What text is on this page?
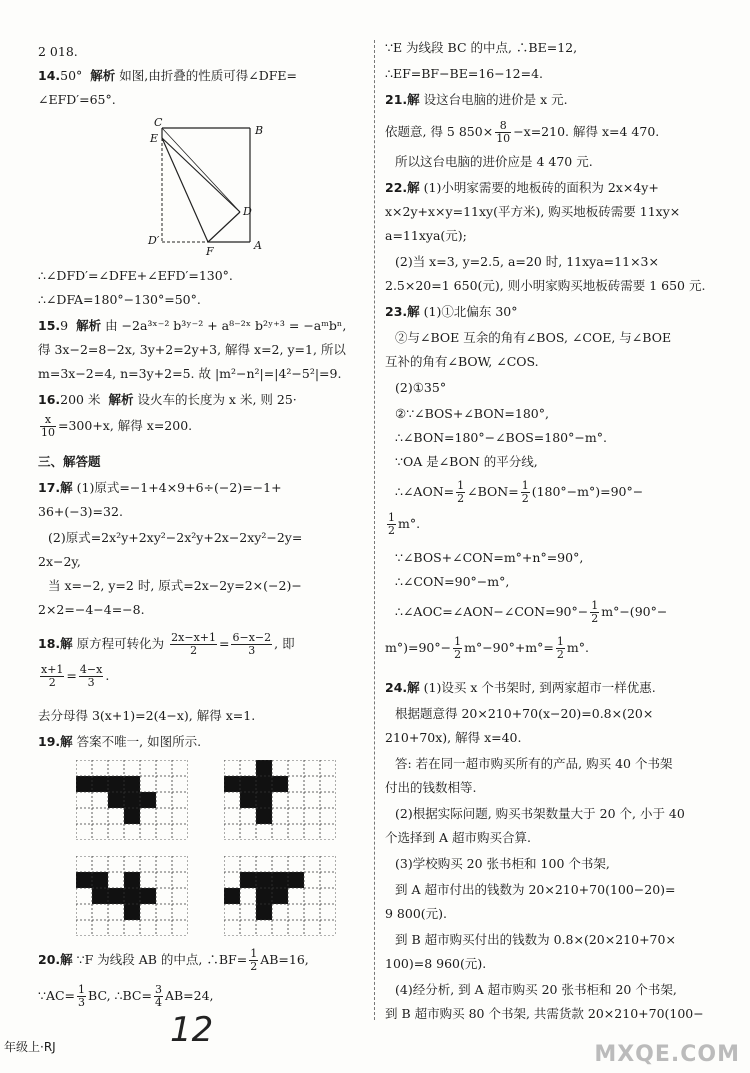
2 018.
14.50° 解析 如图,由折叠的性质可得∠DFE=
∠EFD′=65°.
C
B
E
D
D′
F	A
∴∠DFD′=∠DFE+∠EFD′=130°.
∴∠DFA=180°−130°=50°.
15.9 解析 由 −2a³ˣ⁻² b³ʸ⁻² + a⁸⁻²ˣ b²ʸ⁺³ = −aᵐbⁿ,
得 3x−2=8−2x, 3y+2=2y+3, 解得 x=2, y=1, 所以
m=3x−2=4, n=3y+2=5. 故 |m²−n²|=|4²−5²|=9.
16.200 米 解析 设火车的长度为 x 米, 则 25·
$\frac{x}{10} =300+x$, 解得 x=200.
三、解答题
17.解 (1)原式=−1+4×9+6÷(−2)=−1+
36+(−3)=32.
(2)原式=2x²y+2xy²−2x²y+2x−2xy²−2y=
2x−2y,
当 x=−2, y=2 时, 原式=2x−2y=2×(−2)−
2×2=−4−4=−8.
18.解 原方程可转化为 $\frac{2x-x+1}{2} = \frac{6-x-2}{3}$ , 即
$\frac{x+1}{2} = \frac{4-x}{3}$ .
去分母得 3(x+1)=2(4−x), 解得 x=1.
19.解 答案不唯一, 如图所示.
20.解 ∵F 为线段 AB 的中点, ∴BF= $\frac{1}{2} AB=16$,
∵AC= $\frac{1}{3}$ BC, ∴BC= $\frac{3}{4} AB=24$,
∵E 为线段 BC 的中点, ∴BE=12,
∴EF=BF−BE=16−12=4.
21.解 设这台电脑的进价是 x 元.
依题意, 得 5 $850\times \frac{8}{10} -x=210$. 解得 x=4 470.
所以这台电脑的进价应是 4 470 元.
22.解 (1)小明家需要的地板砖的面积为 2x×4y+
x×2y+x×y=11xy(平方米), 购买地板砖需要 11xy×
a=11xya(元);
(2)当 x=3, y=2.5, a=20 时, 11xya=11×3×
2.5×20=1 650(元), 则小明家购买地板砖需要 1 650 元.
23.解 (1)①北偏东 30°
②与∠BOE 互余的角有∠BOS, ∠COE, 与∠BOE
互补的角有∠BOW, ∠COS.
(2)①35°
②∵∠BOS+∠BON=180°,
∴∠BON=180°−∠BOS=180°−m°.
∵OA 是∠BON 的平分线,
∴∠AON= $\frac{1}{2}$ ∠BON= $\frac{1}{2} (180^\circ-m^\circ)=90^\circ-$
$\frac{1}{2} m^\circ$.
∵∠BOS+∠CON=m°+n°=90°,
∴∠CON=90°−m°,
∴∠AOC=∠AON−∠CON=90°− $\frac{1}{2} m^\circ-(90^\circ-$
$m^\circ)=90^\circ- \frac{1}{2} m^\circ-90^\circ+m^\circ= \frac{1}{2} m^\circ$.
24.解 (1)设买 x 个书架时, 到两家超市一样优惠.
根据题意得 20×210+70(x−20)=0.8×(20×
210+70x), 解得 x=40.
答: 若在同一超市购买所有的产品, 购买 40 个书架
付出的钱数相等.
(2)根据实际问题, 购买书架数量大于 20 个, 小于 40
个选择到 A 超市购买合算.
(3)学校购买 20 张书柜和 100 个书架,
到 A 超市付出的钱数为 20×210+70(100−20)=
9 800(元).
到 B 超市购买付出的钱数为 0.8×(20×210+70×
100)=8 960(元).
(4)经分析, 到 A 超市购买 20 张书柜和 20 个书架,
到 B 超市购买 80 个书架, 共需货款 20×210+70(100−
年级上·RJ	12
MXQE.COM
